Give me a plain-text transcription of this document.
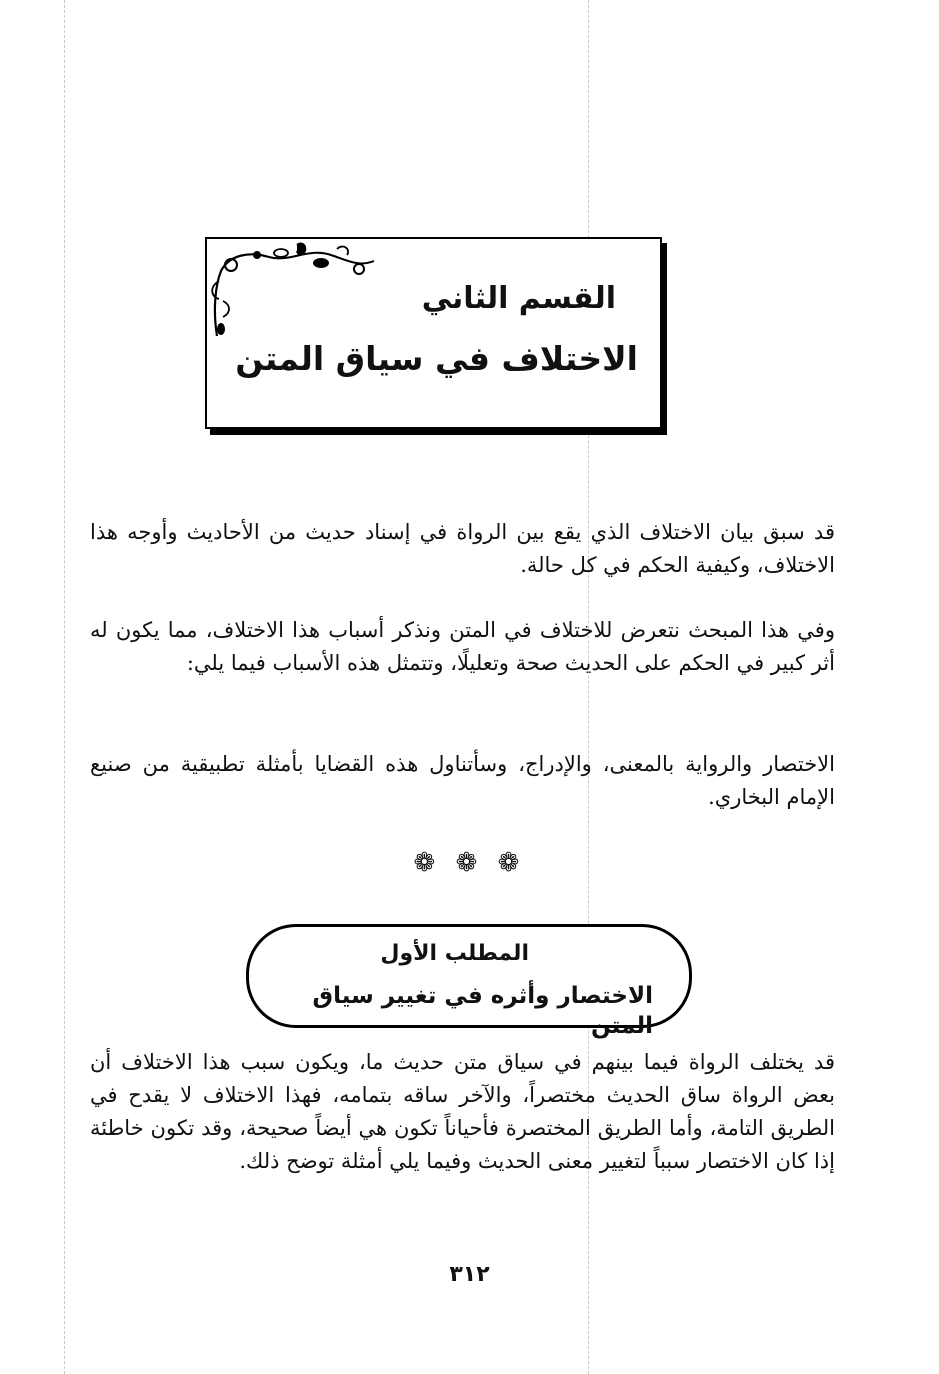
القسم الثاني
الاختلاف في سياق المتن

قد سبق بيان الاختلاف الذي يقع بين الرواة في إسناد حديث من الأحاديث وأوجه هذا الاختلاف، وكيفية الحكم في كل حالة.

وفي هذا المبحث نتعرض للاختلاف في المتن ونذكر أسباب هذا الاختلاف، مما يكون له أثر كبير في الحكم على الحديث صحة وتعليلًا، وتتمثل هذه الأسباب فيما يلي:

الاختصار والرواية بالمعنى، والإدراج، وسأتناول هذه القضايا بأمثلة تطبيقية من صنيع الإمام البخاري.

❁ ❁ ❁
المطلب الأول
الاختصار وأثره في تغيير سياق المتن

قد يختلف الرواة فيما بينهم في سياق متن حديث ما، ويكون سبب هذا الاختلاف أن بعض الرواة ساق الحديث مختصراً، والآخر ساقه بتمامه، فهذا الاختلاف لا يقدح في الطريق التامة، وأما الطريق المختصرة فأحياناً تكون هي أيضاً صحيحة، وقد تكون خاطئة إذا كان الاختصار سبباً لتغيير معنى الحديث وفيما يلي أمثلة توضح ذلك.

٣١٢
